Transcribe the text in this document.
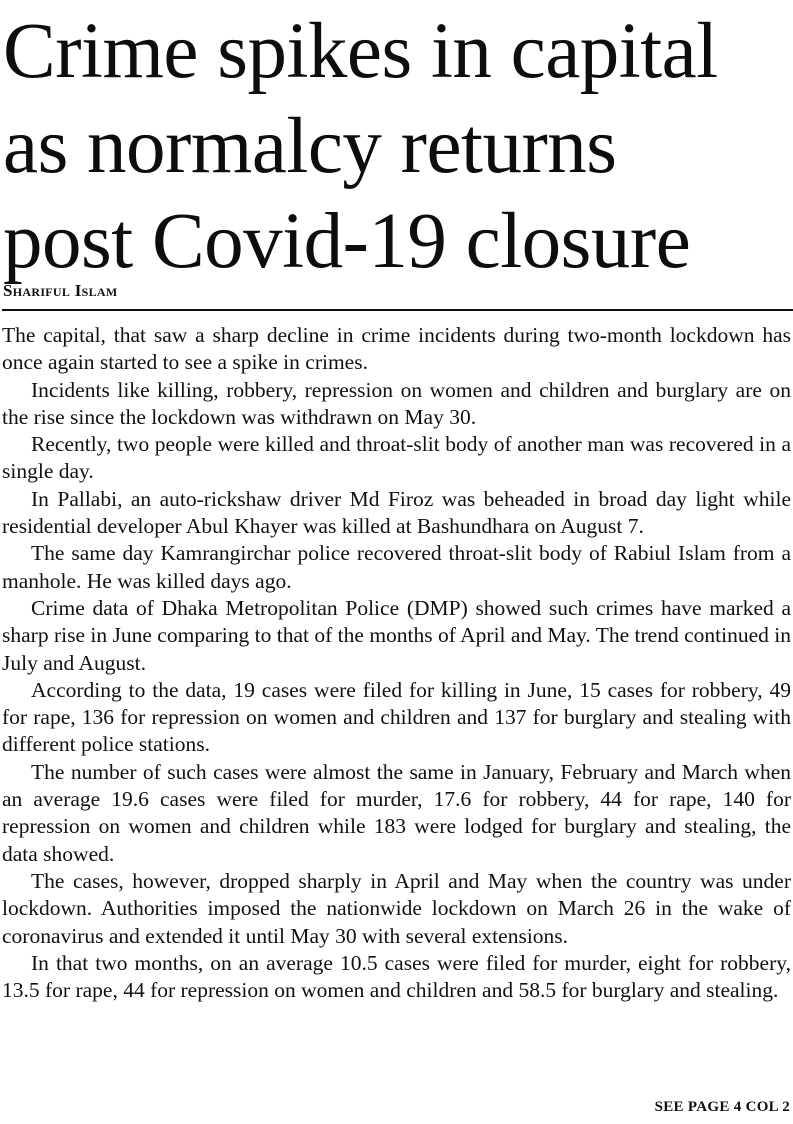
Crime spikes in capital
as normalcy returns
post Covid-19 closure
Shariful Islam

The capital, that saw a sharp decline in crime incidents during two-month lockdown has once again started to see a spike in crimes.

Incidents like killing, robbery, repression on women and children and burglary are on the rise since the lockdown was withdrawn on May 30.

Recently, two people were killed and throat-slit body of another man was recovered in a single day.

In Pallabi, an auto-rickshaw driver Md Firoz was beheaded in broad day light while residential developer Abul Khayer was killed at Bashundhara on August 7.

The same day Kamrangirchar police recovered throat-slit body of Rabiul Islam from a manhole. He was killed days ago.

Crime data of Dhaka Metropolitan Police (DMP) showed such crimes have marked a sharp rise in June comparing to that of the months of April and May. The trend continued in July and August.

According to the data, 19 cases were filed for killing in June, 15 cases for robbery, 49 for rape, 136 for repression on women and children and 137 for burglary and stealing with different police stations.

The number of such cases were almost the same in January, February and March when an average 19.6 cases were filed for murder, 17.6 for robbery, 44 for rape, 140 for repression on women and children while 183 were lodged for burglary and stealing, the data showed.

The cases, however, dropped sharply in April and May when the country was under lockdown. Authorities imposed the nationwide lockdown on March 26 in the wake of coronavirus and extended it until May 30 with several extensions.

In that two months, on an average 10.5 cases were filed for murder, eight for robbery, 13.5 for rape, 44 for repression on women and children and 58.5 for burglary and stealing.

SEE PAGE 4 COL 2
